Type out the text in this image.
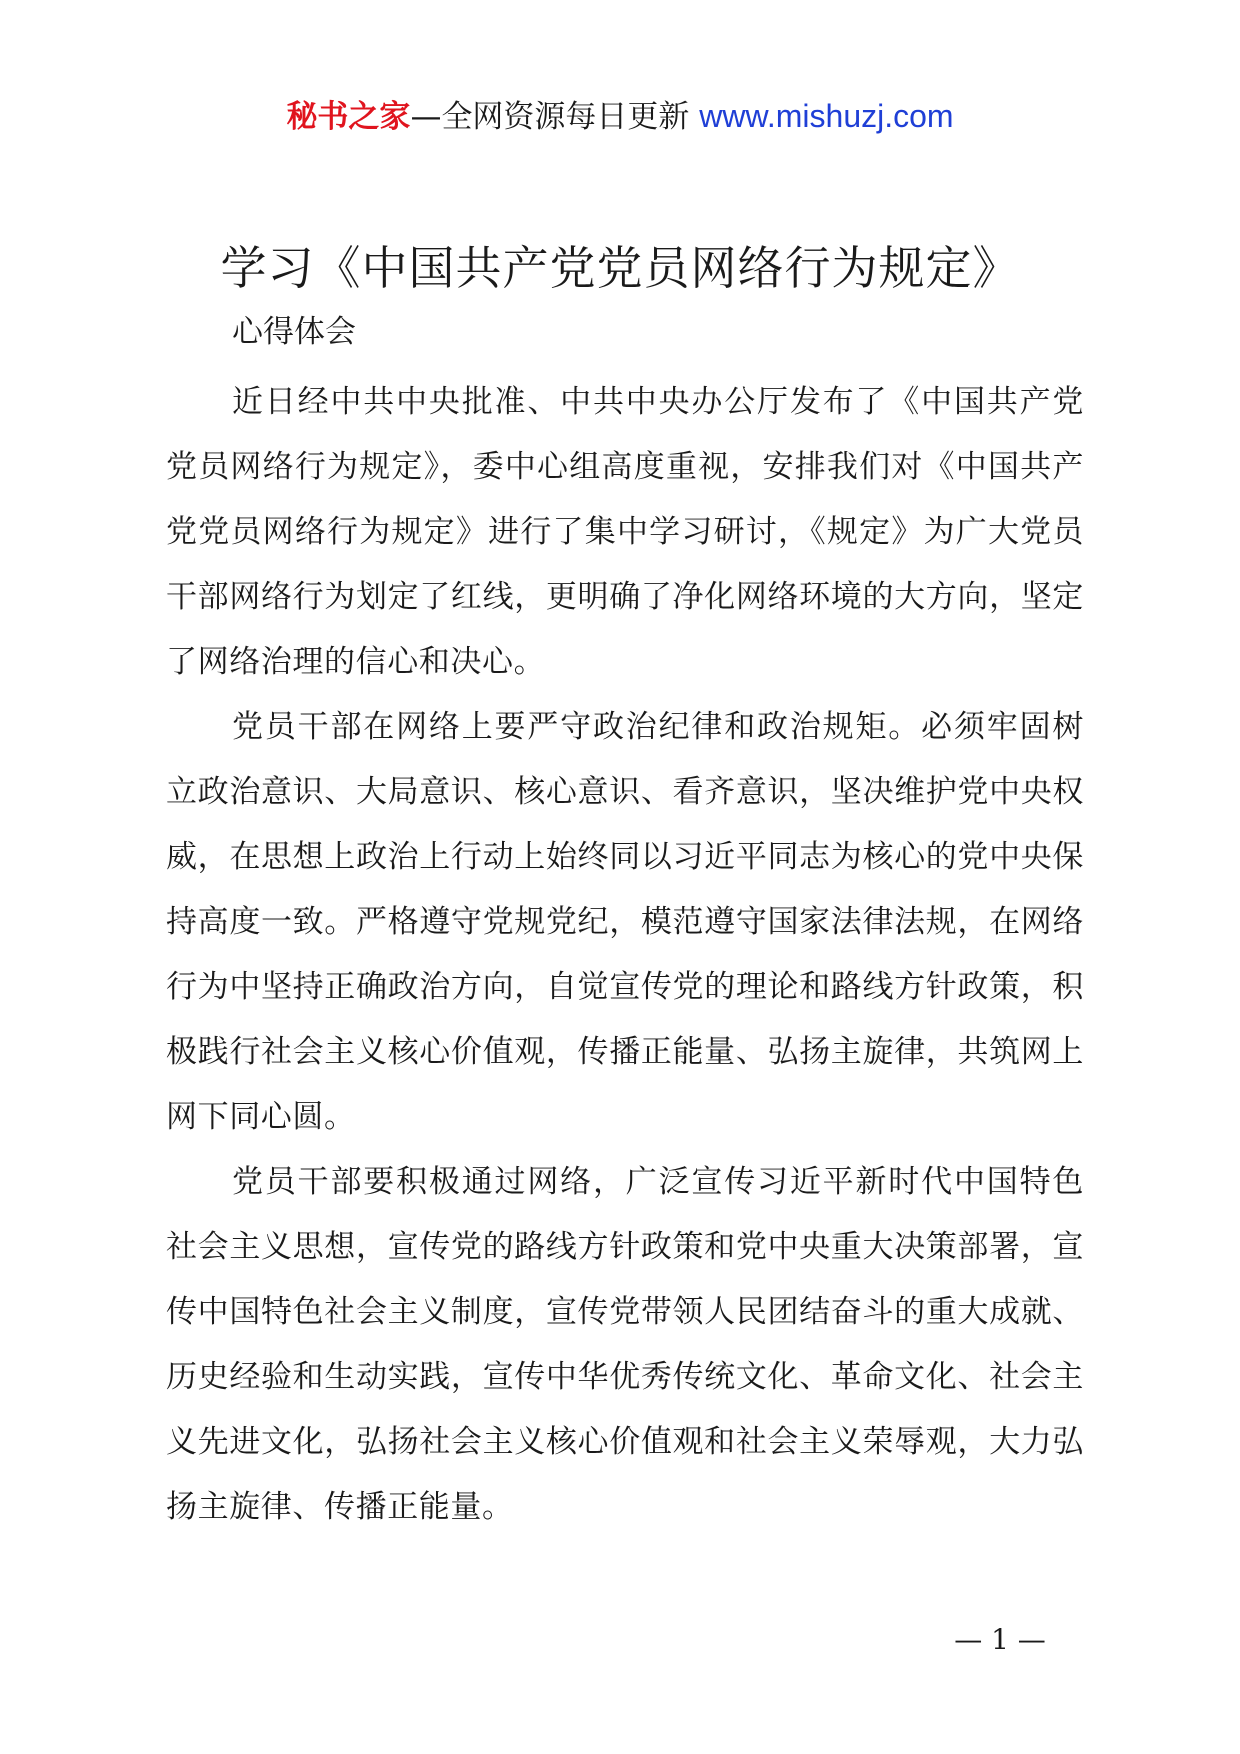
秘书之家—全网资源每日更新 www.mishuzj.com
学习《中国共产党党员网络行为规定》
心得体会

近日经中共中央批准、中共中央办公厅发布了《中国共产党党员网络行为规定》，委中心组高度重视，安排我们对《中国共产党党员网络行为规定》进行了集中学习研讨，《规定》为广大党员干部网络行为划定了红线，更明确了净化网络环境的大方向，坚定了网络治理的信心和决心。

党员干部在网络上要严守政治纪律和政治规矩。必须牢固树立政治意识、大局意识、核心意识、看齐意识，坚决维护党中央权威，在思想上政治上行动上始终同以习近平同志为核心的党中央保持高度一致。严格遵守党规党纪，模范遵守国家法律法规，在网络行为中坚持正确政治方向，自觉宣传党的理论和路线方针政策，积极践行社会主义核心价值观，传播正能量、弘扬主旋律，共筑网上网下同心圆。

党员干部要积极通过网络，广泛宣传习近平新时代中国特色社会主义思想，宣传党的路线方针政策和党中央重大决策部署，宣传中国特色社会主义制度，宣传党带领人民团结奋斗的重大成就、历史经验和生动实践，宣传中华优秀传统文化、革命文化、社会主义先进文化，弘扬社会主义核心价值观和社会主义荣辱观，大力弘扬主旋律、传播正能量。

— 1 —
